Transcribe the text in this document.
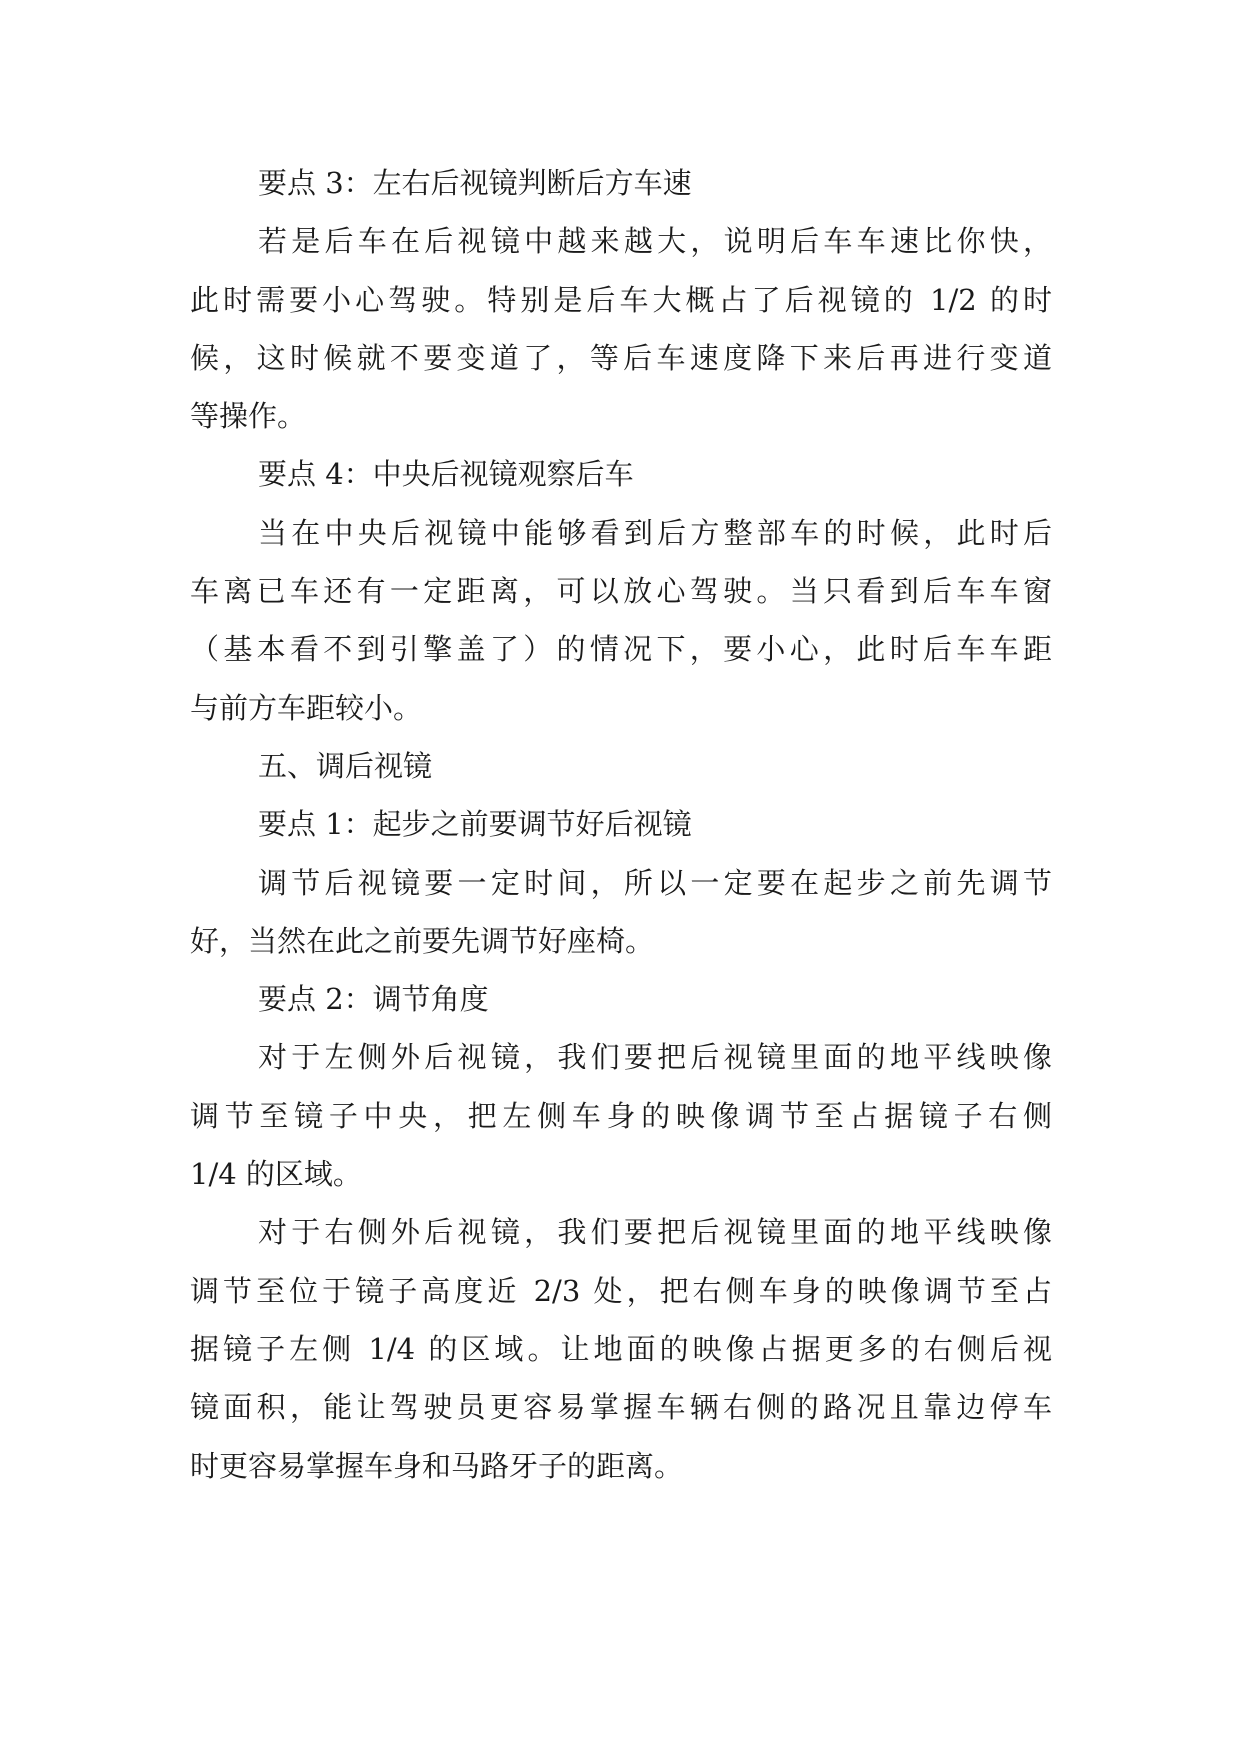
要点 3：左右后视镜判断后方车速
若是后车在后视镜中越来越大，说明后车车速比你快，
此时需要小心驾驶。特别是后车大概占了后视镜的 1/2 的时
候，这时候就不要变道了，等后车速度降下来后再进行变道
等操作。
要点 4：中央后视镜观察后车
当在中央后视镜中能够看到后方整部车的时候，此时后
车离已车还有一定距离，可以放心驾驶。当只看到后车车窗
（基本看不到引擎盖了）的情况下，要小心，此时后车车距
与前方车距较小。
五、调后视镜
要点 1：起步之前要调节好后视镜
调节后视镜要一定时间，所以一定要在起步之前先调节
好，当然在此之前要先调节好座椅。
要点 2：调节角度
对于左侧外后视镜，我们要把后视镜里面的地平线映像
调节至镜子中央，把左侧车身的映像调节至占据镜子右侧
1/4 的区域。
对于右侧外后视镜，我们要把后视镜里面的地平线映像
调节至位于镜子高度近 2/3 处，把右侧车身的映像调节至占
据镜子左侧 1/4 的区域。让地面的映像占据更多的右侧后视
镜面积，能让驾驶员更容易掌握车辆右侧的路况且靠边停车
时更容易掌握车身和马路牙子的距离。
